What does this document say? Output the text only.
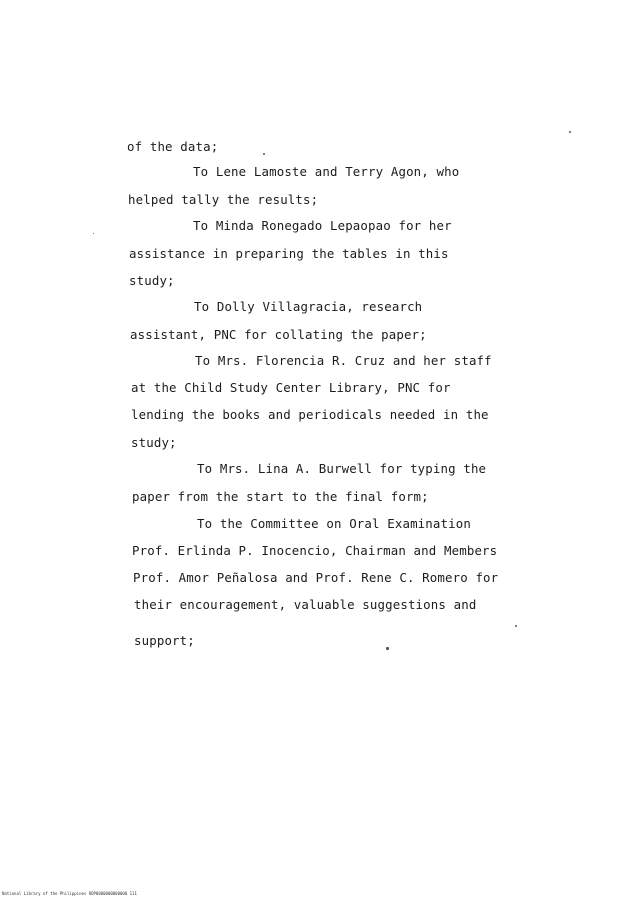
of the data;
To Lene Lamoste and Terry Agon, who
helped tally the results;
To Minda Ronegado Lepaopao for her
assistance in preparing the tables in this
study;
To Dolly Villagracia, research
assistant, PNC for collating the paper;
To Mrs. Florencia R. Cruz and her staff
at the Child Study Center Library, PNC for
lending the books and periodicals needed in the
study;
To Mrs. Lina A. Burwell for typing the
paper from the start to the final form;
To the Committee on Oral Examination
Prof. Erlinda P. Inocencio, Chairman and Members
Prof. Amor Peñalosa and Prof. Rene C. Romero for
their encouragement, valuable suggestions and
support;
National Library of the Philippines ROP0000000000000 111
